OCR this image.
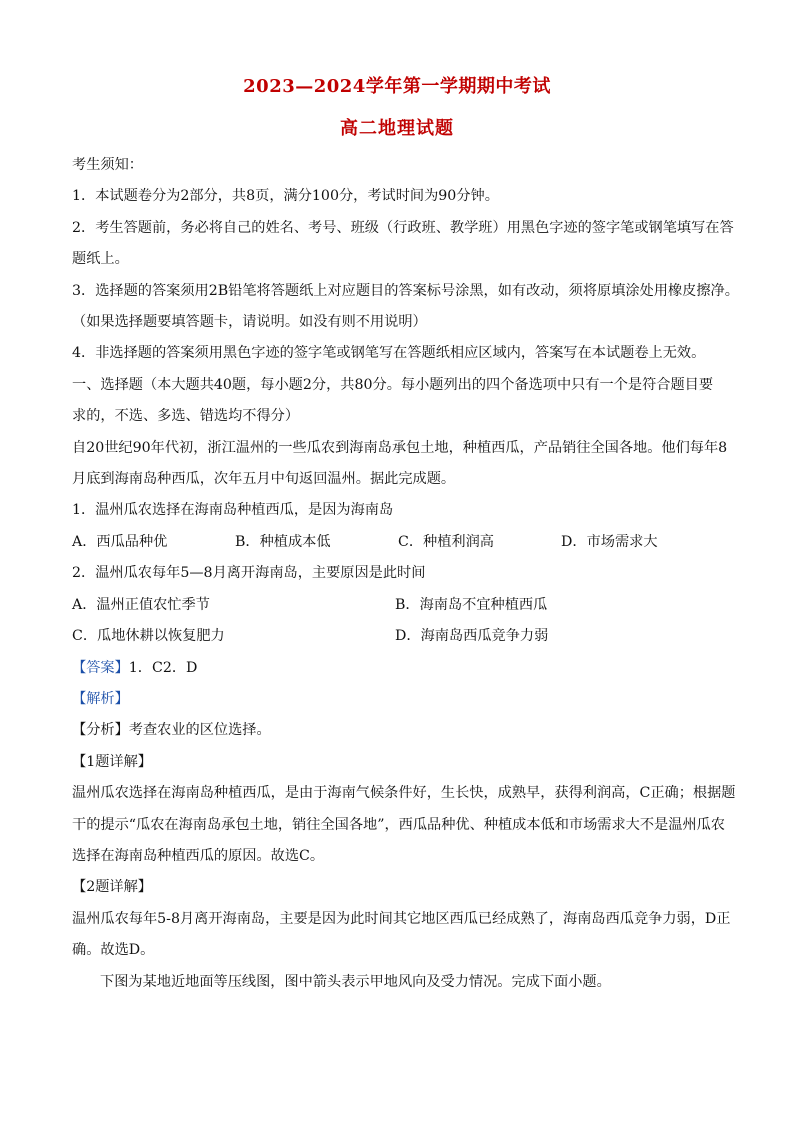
2023—2024学年第一学期期中考试
高二地理试题
考生须知：
1．本试题卷分为2部分，共8页，满分100分，考试时间为90分钟。
2．考生答题前，务必将自己的姓名、考号、班级（行政班、教学班）用黑色字迹的签字笔或钢笔填写在答
题纸上。
3．选择题的答案须用2B铅笔将答题纸上对应题目的答案标号涂黑，如有改动，须将原填涂处用橡皮擦净。
（如果选择题要填答题卡，请说明。如没有则不用说明）
4．非选择题的答案须用黑色字迹的签字笔或钢笔写在答题纸相应区域内，答案写在本试题卷上无效。
一、选择题（本大题共40题，每小题2分，共80分。每小题列出的四个备选项中只有一个是符合题目要
求的，不选、多选、错选均不得分）
自20世纪90年代初，浙江温州的一些瓜农到海南岛承包土地，种植西瓜，产品销往全国各地。他们每年8
月底到海南岛种西瓜，次年五月中旬返回温州。据此完成题。
1．温州瓜农选择在海南岛种植西瓜，是因为海南岛
A．西瓜品种优	B．种植成本低	C．种植利润高	D．市场需求大
2．温州瓜农每年5—8月离开海南岛，主要原因是此时间
A．温州正值农忙季节	B．海南岛不宜种植西瓜
C．瓜地休耕以恢复肥力	D．海南岛西瓜竞争力弱
【答案】1．C2．D
【解析】
【分析】考查农业的区位选择。
【1题详解】
温州瓜农选择在海南岛种植西瓜，是由于海南气候条件好，生长快，成熟早，获得利润高，C正确；根据题
干的提示“瓜农在海南岛承包土地，销往全国各地”，西瓜品种优、种植成本低和市场需求大不是温州瓜农
选择在海南岛种植西瓜的原因。故选C。
【2题详解】
温州瓜农每年5-8月离开海南岛，主要是因为此时间其它地区西瓜已经成熟了，海南岛西瓜竞争力弱，D正
确。故选D。
下图为某地近地面等压线图，图中箭头表示甲地风向及受力情况。完成下面小题。
